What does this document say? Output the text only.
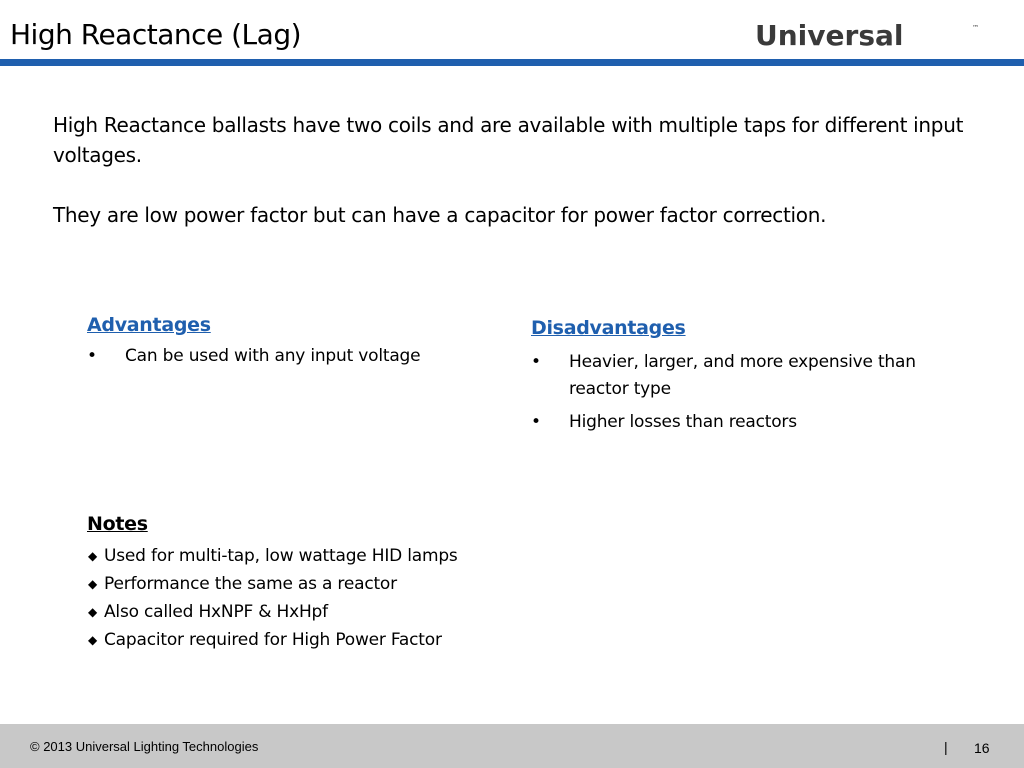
High Reactance (Lag)	Universal	™

High Reactance ballasts have two coils and are available with multiple taps for different input voltages.

They are low power factor but can have a capacitor for power factor correction.

Advantages
• Can be used with any input voltage
Disadvantages
• Heavier, larger, and more expensive than reactor type
• Higher losses than reactors
Notes
◆ Used for multi-tap, low wattage HID lamps
◆ Performance the same as a reactor
◆ Also called HxNPF & HxHpf
◆ Capacitor required for High Power Factor
© 2013 Universal Lighting Technologies	| 16
